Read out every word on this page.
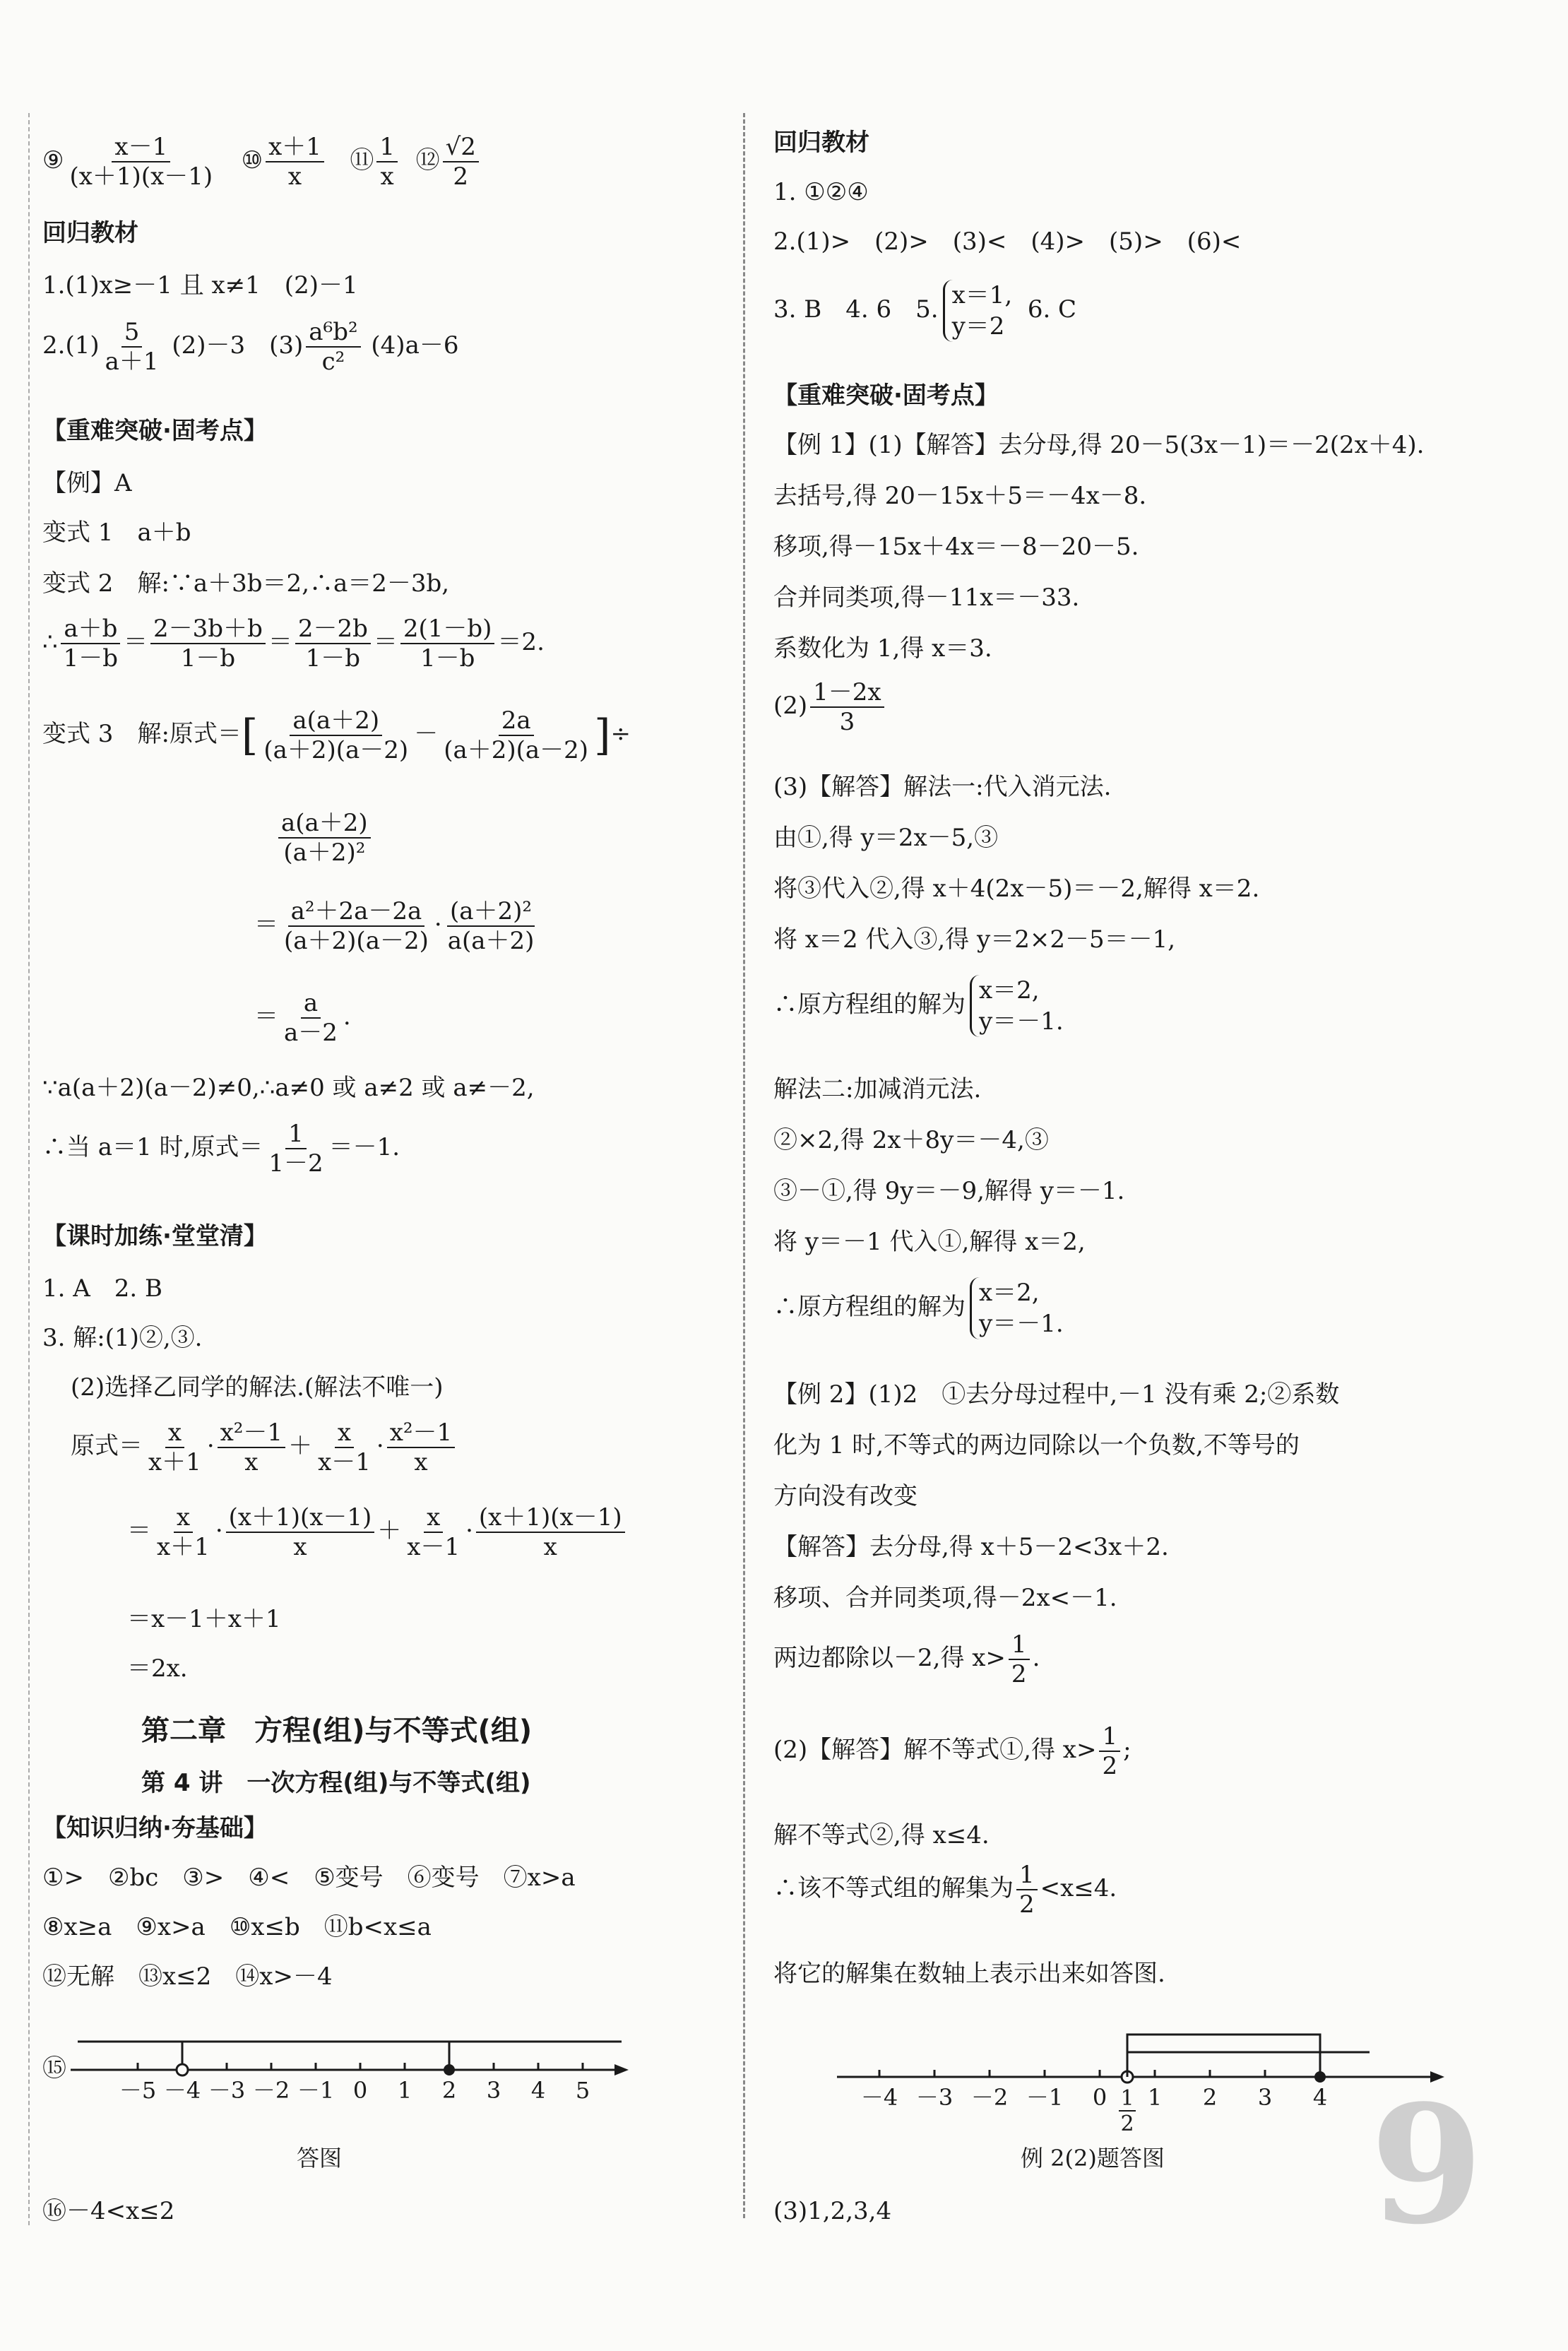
⑨ $\frac{x-1}{(x+1)(x-1)}$ ⑩ $\frac{x+1}{x}$ ⑪ $\frac{1}{x}$ ⑫ $\frac{√2}{2}$
回归教材
1.(1)x≥－1 且 x≠1　(2)－1
$2.(1) \frac{5}{a+1} (2)-3$　$(3) \frac{\text{a⁶b²}}{\text{c²}} (4)a-6$
【重难突破·固考点】
【例】A
变式 1　a＋b
变式 2　解:∵a＋3b＝2,∴a＝2－3b,
∴ $\frac{a+b}{1-b} = \frac{2-3b+b}{1-b} = \frac{2-2b}{1-b} = \frac{2(1-b)}{1-b} =2$.
变式 3　解:原式＝[ $\frac{a(a+2)}{(a+2)(a-2)} - \frac{2a}{(a+2)(a-2)}$ ]÷
$\frac{a(a+2)}{\text{(a＋2)²}}$
＝ $\frac{\text{a²＋2a－2a}}{(a+2)(a-2)} \cdot \frac{\text{(a＋2)²}}{a(a+2)}$
＝ $\frac{a}{a-2}$ .
∵a(a＋2)(a－2)≠0,∴a≠0 或 a≠2 或 a≠－2,
∴当 a＝1 时,原式＝ $\frac{1}{1-2} =-1$.
【课时加练·堂堂清】
1. A　2. B
3. 解:(1)②,③.
(2)选择乙同学的解法.(解法不唯一)
原式＝ $\frac{x}{x+1} \cdot \frac{\text{x²－1}}{x} + \frac{x}{x-1} \cdot \frac{\text{x²－1}}{x}$
＝ $\frac{x}{x+1} \cdot \frac{(x+1)(x-1)}{x} + \frac{x}{x-1} \cdot \frac{(x+1)(x-1)}{x}$
＝x－1＋x＋1
＝2x.
第二章　方程(组)与不等式(组)
第 4 讲　一次方程(组)与不等式(组)
【知识归纳·夯基础】
①>　②bc　③>　④<　⑤变号　⑥变号　⑦x>a
⑧x≥a　⑨x>a　⑩x≤b　⑪b<x≤a
⑫无解　⑬x≤2　⑭x>－4
⑮
－5 －4 －3 －2 －1 0 1 2 3 4 5
答图
⑯－4<x≤2
回归教材
1. ①②④
2.(1)>　(2)>　(3)<　(4)>　(5)>　(6)<
3. B　4. 6　5. x＝1,
y＝2
6. C
【重难突破·固考点】
【例 1】(1)【解答】去分母,得 20－5(3x－1)＝－2(2x＋4).
去括号,得 20－15x＋5＝－4x－8.
移项,得－15x＋4x＝－8－20－5.
合并同类项,得－11x＝－33.
系数化为 1,得 x＝3.
$(2) \frac{1-2x}{3}$
(3)【解答】解法一:代入消元法.
由①,得 y＝2x－5,③
将③代入②,得 x＋4(2x－5)＝－2,解得 x＝2.
将 x＝2 代入③,得 y＝2×2－5＝－1,
∴原方程组的解为 x＝2,
y＝－1.
解法二:加减消元法.
②×2,得 2x＋8y＝－4,③
③－①,得 9y＝－9,解得 y＝－1.
将 y＝－1 代入①,解得 x＝2,
∴原方程组的解为 x＝2,
y＝－1.
【例 2】(1)2　①去分母过程中,－1 没有乘 2;②系数
化为 1 时,不等式的两边同除以一个负数,不等号的
方向没有改变
【解答】去分母,得 x＋5－2<3x＋2.
移项、合并同类项,得－2x<－1.
两边都除以－2,得 $x> \frac{1}{2}$ .
(2)【解答】解不等式①,得 $x> \frac{1}{2}$ ;
解不等式②,得 x≤4.
∴该不等式组的解集为 $\frac{1}{2} <x\le 4$.
将它的解集在数轴上表示出来如答图.
－4 －3 －2 －1 0 1 2 3 4
1
2
例 2(2)题答图
(3)1,2,3,4	9
